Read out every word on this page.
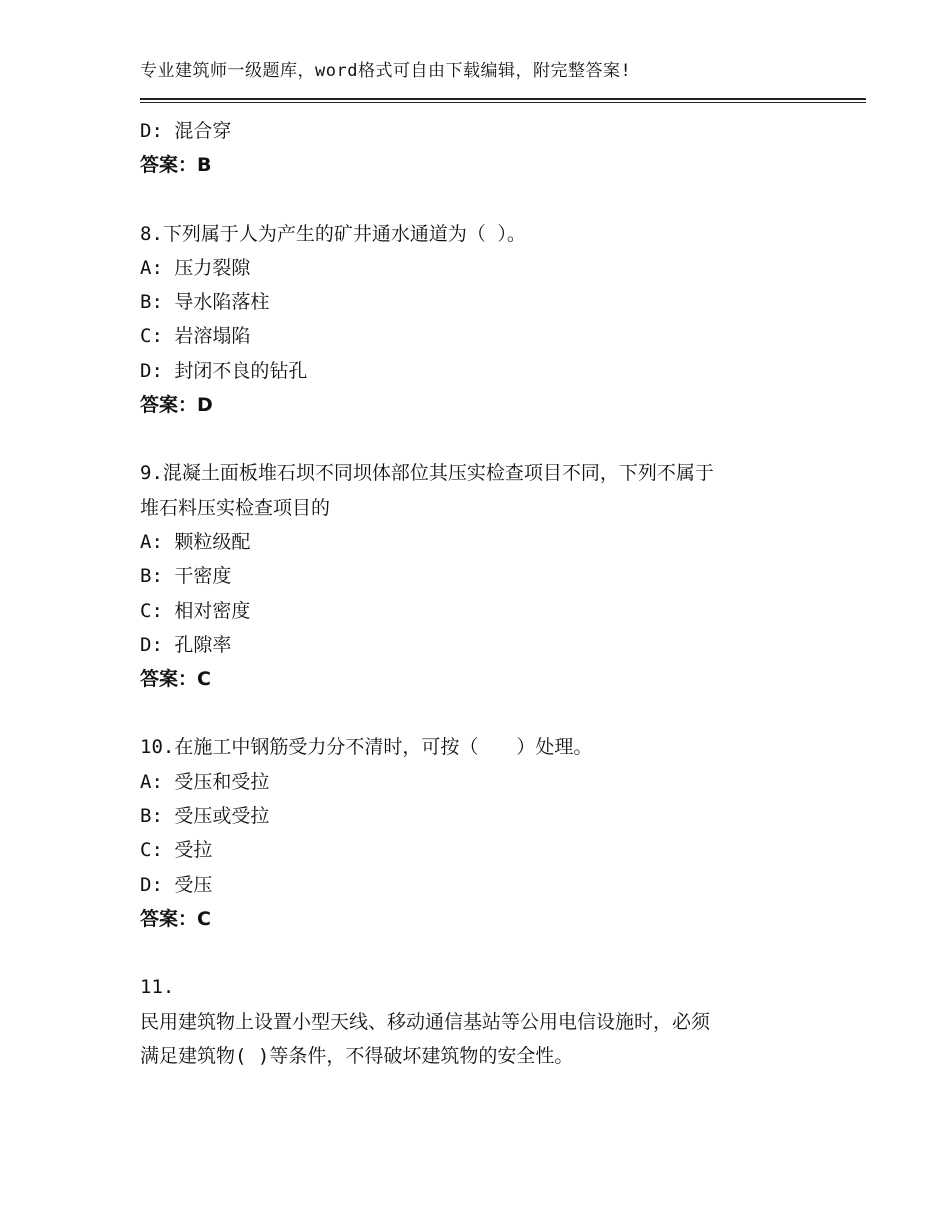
专业建筑师一级题库，word格式可自由下载编辑，附完整答案!

D: 混合穿

答案：B

8.下列属于人为产生的矿井通水通道为（ ）。

A: 压力裂隙

B: 导水陷落柱

C: 岩溶塌陷

D: 封闭不良的钻孔

答案：D

9.混凝土面板堆石坝不同坝体部位其压实检查项目不同，下列不属于

堆石料压实检查项目的

A: 颗粒级配

B: 干密度

C: 相对密度

D: 孔隙率

答案：C

10.在施工中钢筋受力分不清时，可按（　　）处理。

A: 受压和受拉

B: 受压或受拉

C: 受拉

D: 受压

答案：C

11.

民用建筑物上设置小型天线、移动通信基站等公用电信设施时，必须

满足建筑物( )等条件，不得破坏建筑物的安全性。
